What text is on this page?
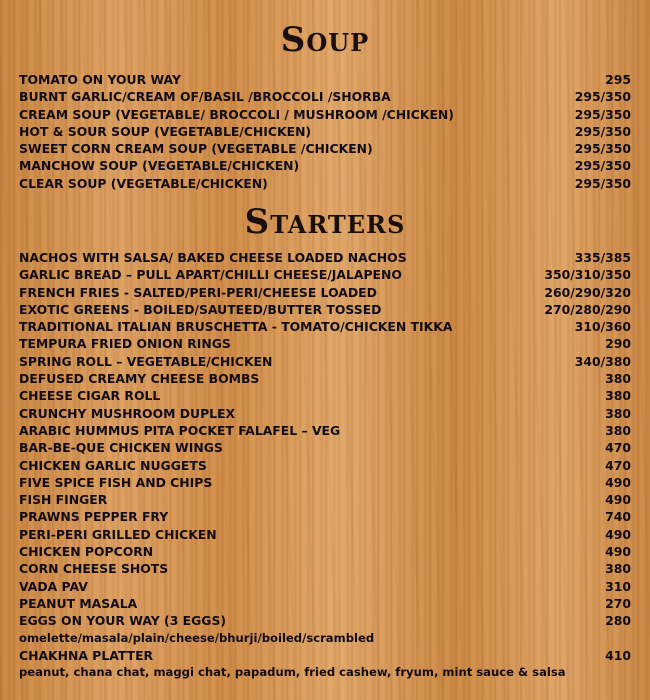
Soup
TOMATO ON YOUR WAY	295
BURNT GARLIC/CREAM OF/BASIL /BROCCOLI /SHORBA	295/350
CREAM SOUP (VEGETABLE/ BROCCOLI / MUSHROOM /CHICKEN)	295/350
HOT & SOUR SOUP (VEGETABLE/CHICKEN)	295/350
SWEET CORN CREAM SOUP (VEGETABLE /CHICKEN)	295/350
MANCHOW SOUP (VEGETABLE/CHICKEN)	295/350
CLEAR SOUP (VEGETABLE/CHICKEN)	295/350
Starters
NACHOS WITH SALSA/ BAKED CHEESE LOADED NACHOS	335/385
GARLIC BREAD – PULL APART/CHILLI CHEESE/JALAPENO	350/310/350
FRENCH FRIES - SALTED/PERI-PERI/CHEESE LOADED	260/290/320
EXOTIC GREENS - BOILED/SAUTEED/BUTTER TOSSED	270/280/290
TRADITIONAL ITALIAN BRUSCHETTA - TOMATO/CHICKEN TIKKA	310/360
TEMPURA FRIED ONION RINGS	290
SPRING ROLL – VEGETABLE/CHICKEN	340/380
DEFUSED CREAMY CHEESE BOMBS	380
CHEESE CIGAR ROLL	380
CRUNCHY MUSHROOM DUPLEX	380
ARABIC HUMMUS PITA POCKET FALAFEL – VEG	380
BAR-BE-QUE CHICKEN WINGS	470
CHICKEN GARLIC NUGGETS	470
FIVE SPICE FISH AND CHIPS	490
FISH FINGER	490
PRAWNS PEPPER FRY	740
PERI-PERI GRILLED CHICKEN	490
CHICKEN POPCORN	490
CORN CHEESE SHOTS	380
VADA PAV	310
PEANUT MASALA	270
EGGS ON YOUR WAY (3 EGGS)	280
omelette/masala/plain/cheese/bhurji/boiled/scrambled
CHAKHNA PLATTER	410
peanut, chana chat, maggi chat, papadum, fried cashew, fryum, mint sauce & salsa
